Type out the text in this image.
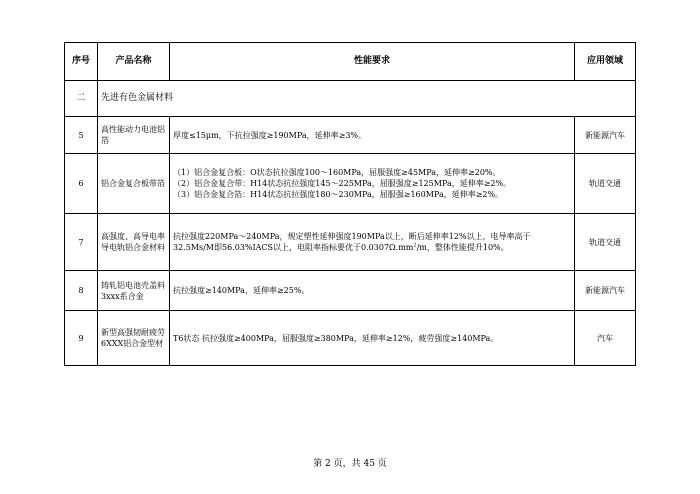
序号	产品名称	性能要求	应用领域
二	先进有色金属材料		
5	高性能动力电池铝箔	厚度≤15μm，下抗拉强度≥190MPa，延伸率≥3%。	新能源汽车
6	铝合金复合板带箔	（1）铝合金复合板：O状态抗拉强度100～160MPa，屈服强度≥45MPa，延伸率≥20%。
（2）铝合金复合带：H14状态抗拉强度145～225MPa，屈服强度≥125MPa，延伸率≥2%。
（3）铝合金复合箔：H14状态抗拉强度180～230MPa，屈服强≥160MPa，延伸率≥2%。	轨道交通
7	高强度、高导电率导电轨铝合金材料	抗拉强度220MPa～240MPa，规定塑性延伸强度190MPa以上，断后延伸率12%以上，电导率高于
32.5Ms/M即56.03%IACS以上，电阻率指标要优于$0.0307\Omega.mm^2/m$，整体性能提升10%。	轨道交通
8	铸轧铝电池壳盖料3xxx系合金	抗拉强度≥140MPa，延伸率≥25%。	新能源汽车
9	新型高强韧耐疲劳6XXX铝合金型材	T6状态 抗拉强度≥400MPa，屈服强度≥380MPa，延伸率≥12%，疲劳强度≥140MPa。	汽车
第 2 页，共 45 页
